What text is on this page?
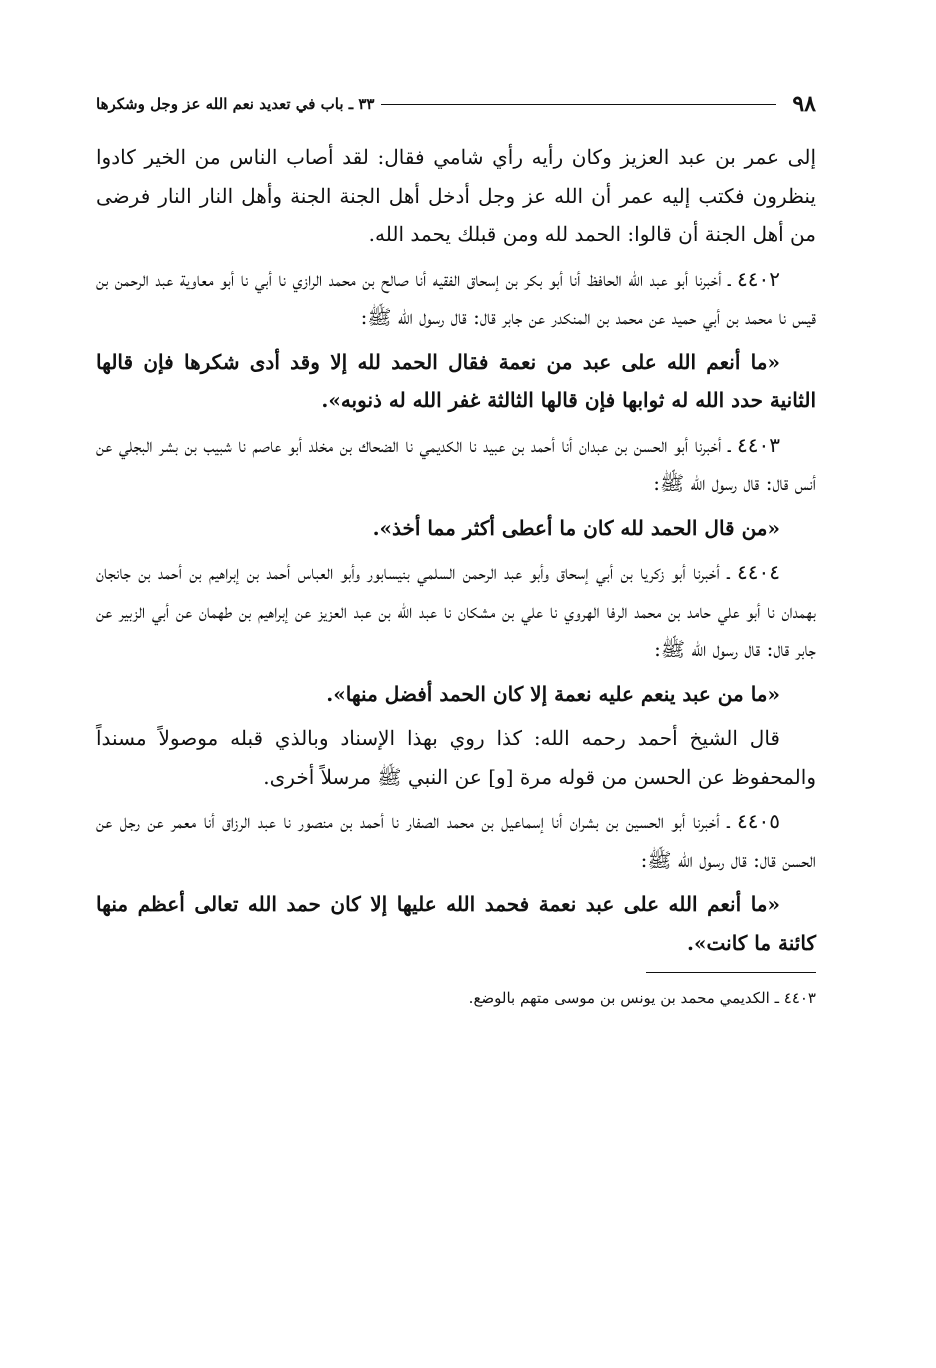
٩٨
٣٣ ـ باب في تعديد نعم الله عز وجل وشكرها

إلى عمر بن عبد العزيز وكان رأيه رأي شامي فقال: لقد أصاب الناس من الخير كادوا ينظرون فكتب إليه عمر أن الله عز وجل أدخل أهل الجنة الجنة وأهل النار النار فرضى من أهل الجنة أن قالوا: الحمد لله ومن قبلك يحمد الله.

٤٤٠٢ ـ أخبرنا أبو عبد الله الحافظ أنا أبو بكر بن إسحاق الفقيه أنا صالح بن محمد الرازي نا أبي نا أبو معاوية عبد الرحمن بن قيس نا محمد بن أبي حميد عن محمد بن المنكدر عن جابر قال: قال رسول الله ﷺ:

«ما أنعم الله على عبد من نعمة فقال الحمد لله إلا وقد أدى شكرها فإن قالها الثانية حدد الله له ثوابها فإن قالها الثالثة غفر الله له ذنوبه».

٤٤٠٣ ـ أخبرنا أبو الحسن بن عبدان أنا أحمد بن عبيد نا الكديمي نا الضحاك بن مخلد أبو عاصم نا شبيب بن بشر البجلي عن أنس قال: قال رسول الله ﷺ:

«من قال الحمد لله كان ما أعطى أكثر مما أخذ».

٤٤٠٤ ـ أخبرنا أبو زكريا بن أبي إسحاق وأبو عبد الرحمن السلمي بنيسابور وأبو العباس أحمد بن إبراهيم بن أحمد بن جانجان بهمدان نا أبو علي حامد بن محمد الرفا الهروي نا علي بن مشكان نا عبد الله بن عبد العزيز عن إبراهيم بن طهمان عن أبي الزبير عن جابر قال: قال رسول الله ﷺ:

«ما من عبد ينعم عليه نعمة إلا كان الحمد أفضل منها».

قال الشيخ أحمد رحمه الله: كذا روي بهذا الإسناد وبالذي قبله موصولاً مسنداً والمحفوظ عن الحسن من قوله مرة [و] عن النبي ﷺ مرسلاً أخرى.

٤٤٠٥ ـ أخبرنا أبو الحسين بن بشران أنا إسماعيل بن محمد الصفار نا أحمد بن منصور نا عبد الرزاق أنا معمر عن رجل عن الحسن قال: قال رسول الله ﷺ:

«ما أنعم الله على عبد نعمة فحمد الله عليها إلا كان حمد الله تعالى أعظم منها كائنة ما كانت».

٤٤٠٣ ـ الكديمي محمد بن يونس بن موسى متهم بالوضع.
